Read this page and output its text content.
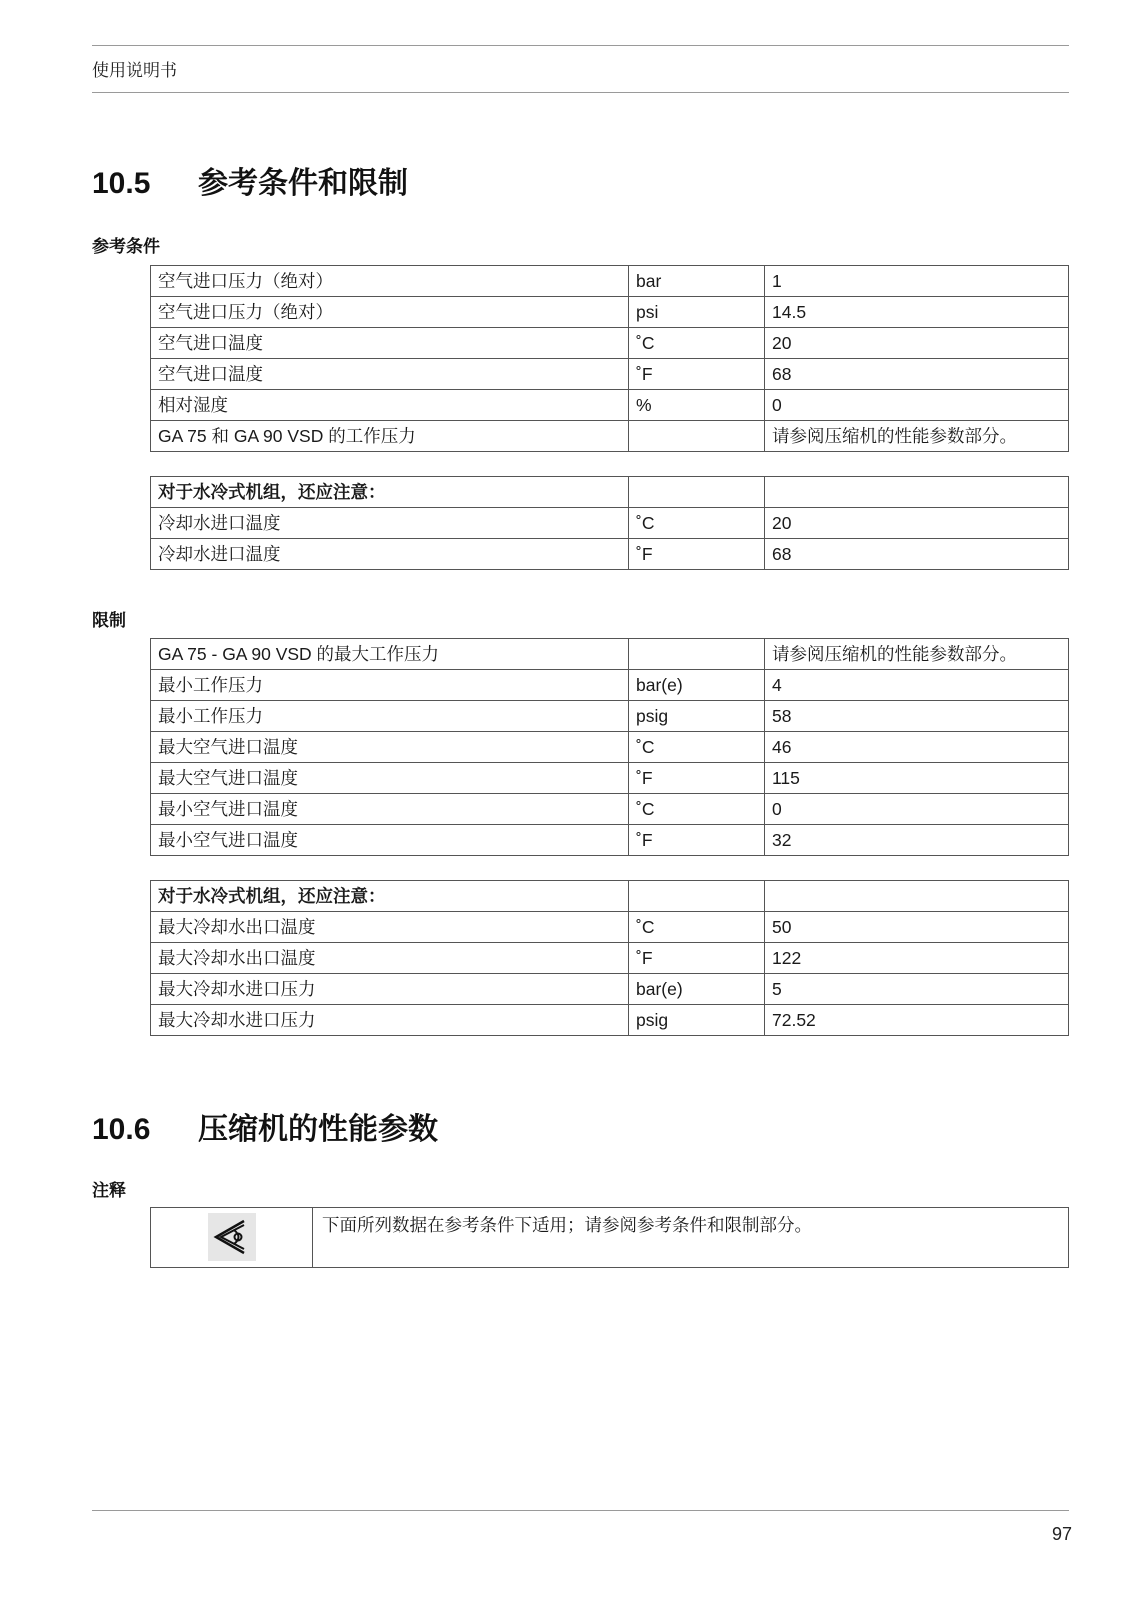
使用说明书
10.5 参考条件和限制
参考条件
空气进口压力（绝对）	bar	1
空气进口压力（绝对）	psi	14.5
空气进口温度	˚C	20
空气进口温度	˚F	68
相对湿度	%	0
GA 75 和 GA 90 VSD 的工作压力		请参阅压缩机的性能参数部分。
对于水冷式机组，还应注意：		
冷却水进口温度	˚C	20
冷却水进口温度	˚F	68
限制
GA 75 - GA 90 VSD 的最大工作压力		请参阅压缩机的性能参数部分。
最小工作压力	bar(e)	4
最小工作压力	psig	58
最大空气进口温度	˚C	46
最大空气进口温度	˚F	115
最小空气进口温度	˚C	0
最小空气进口温度	˚F	32
对于水冷式机组，还应注意：		
最大冷却水出口温度	˚C	50
最大冷却水出口温度	˚F	122
最大冷却水进口压力	bar(e)	5
最大冷却水进口压力	psig	72.52
10.6 压缩机的性能参数
注释
	下面所列数据在参考条件下适用；请参阅参考条件和限制部分。
97
